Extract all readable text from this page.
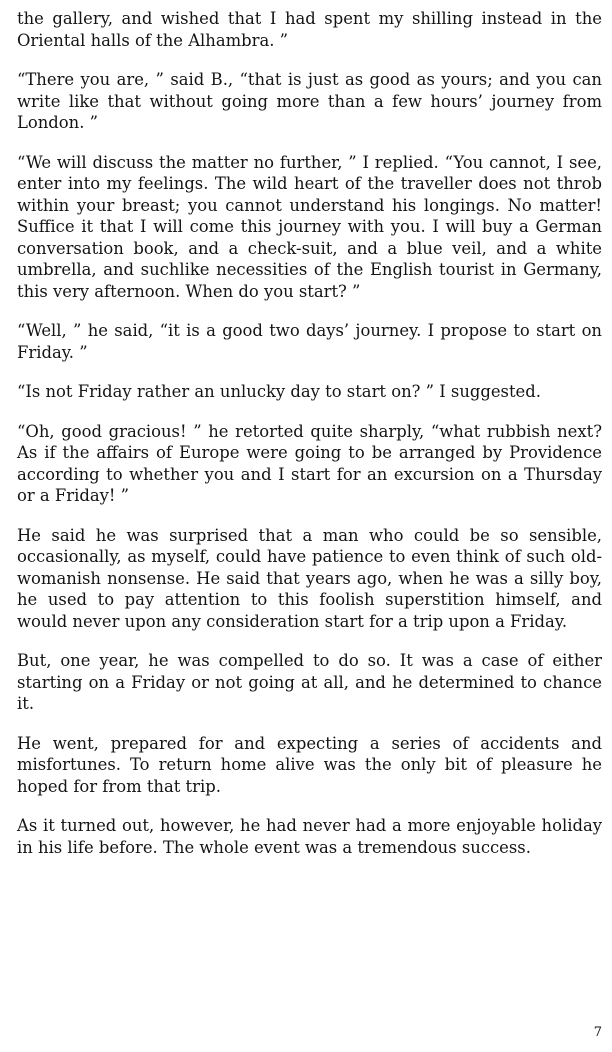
the gallery, and wished that I had spent my shilling instead in the Oriental halls of the Alhambra. ”

“There you are, ” said B., “that is just as good as yours; and you can write like that without going more than a few hours’ journey from London. ”

“We will discuss the matter no further, ” I replied. “You cannot, I see, enter into my feelings. The wild heart of the traveller does not throb within your breast; you cannot understand his longings. No matter! Suffice it that I will come this journey with you. I will buy a German conversation book, and a check-suit, and a blue veil, and a white umbrella, and suchlike necessities of the English tourist in Germany, this very afternoon. When do you start? ”

“Well, ” he said, “it is a good two days’ journey. I propose to start on Friday. ”

“Is not Friday rather an unlucky day to start on? ” I suggested.

“Oh, good gracious! ” he retorted quite sharply, “what rubbish next? As if the affairs of Europe were going to be arranged by Providence according to whether you and I start for an excursion on a Thursday or a Friday! ”

He said he was surprised that a man who could be so sensible, occasionally, as myself, could have patience to even think of such old-womanish nonsense. He said that years ago, when he was a silly boy, he used to pay attention to this foolish superstition himself, and would never upon any consideration start for a trip upon a Friday.

But, one year, he was compelled to do so. It was a case of either starting on a Friday or not going at all, and he determined to chance it.

He went, prepared for and expecting a series of accidents and misfortunes. To return home alive was the only bit of pleasure he hoped for from that trip.

As it turned out, however, he had never had a more enjoyable holiday in his life before. The whole event was a tremendous success.

7
